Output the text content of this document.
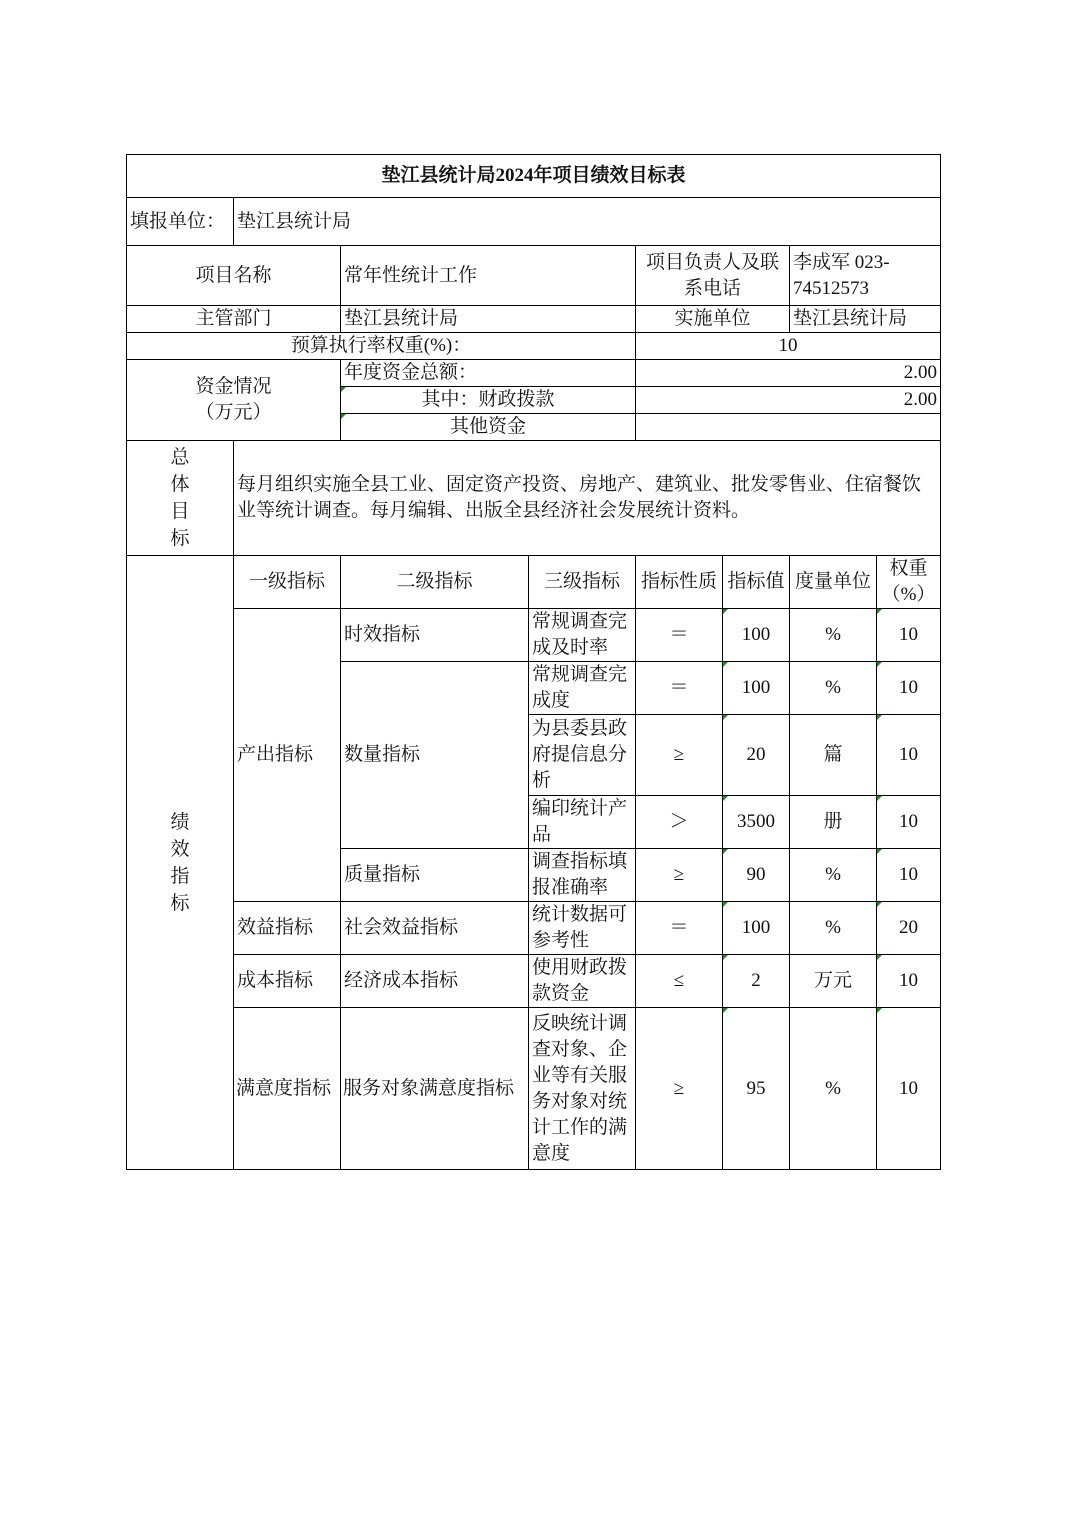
垫江县统计局2024年项目绩效目标表							
填报单位：	垫江县统计局						
项目名称		常年性统计工作		项目负责人及联系电话		李成军 023-74512573	
主管部门		垫江县统计局		实施单位		垫江县统计局	
预算执行率权重(%)：				10			

资金情况
（万元）		年度资金总额：		2.00			
		其中：财政拨款		2.00			
		其他资金					

总
体
目
标	每月组织实施全县工业、固定资产投资、房地产、建筑业、批发零售业、住宿餐饮业等统计调查。每月编辑、出版全县经济社会发展统计资料。						

绩
效
指
标	一级指标	二级指标	三级指标	指标性质	指标值	度量单位	权重（%）
	产出指标	时效指标	常规调查完成及时率	＝	100	%	10
		数量指标	常规调查完成度	＝	100	%	10
			为县委县政府提信息分析	≥	20	篇	10
			编印统计产品	＞	3500	册	10
		质量指标	调查指标填报准确率	≥	90	%	10
	效益指标	社会效益指标	统计数据可参考性	＝	100	%	20
	成本指标	经济成本指标	使用财政拨款资金	≤	2	万元	10
	满意度指标	服务对象满意度指标	反映统计调查对象、企业等有关服务对象对统计工作的满意度	≥	95	%	10
